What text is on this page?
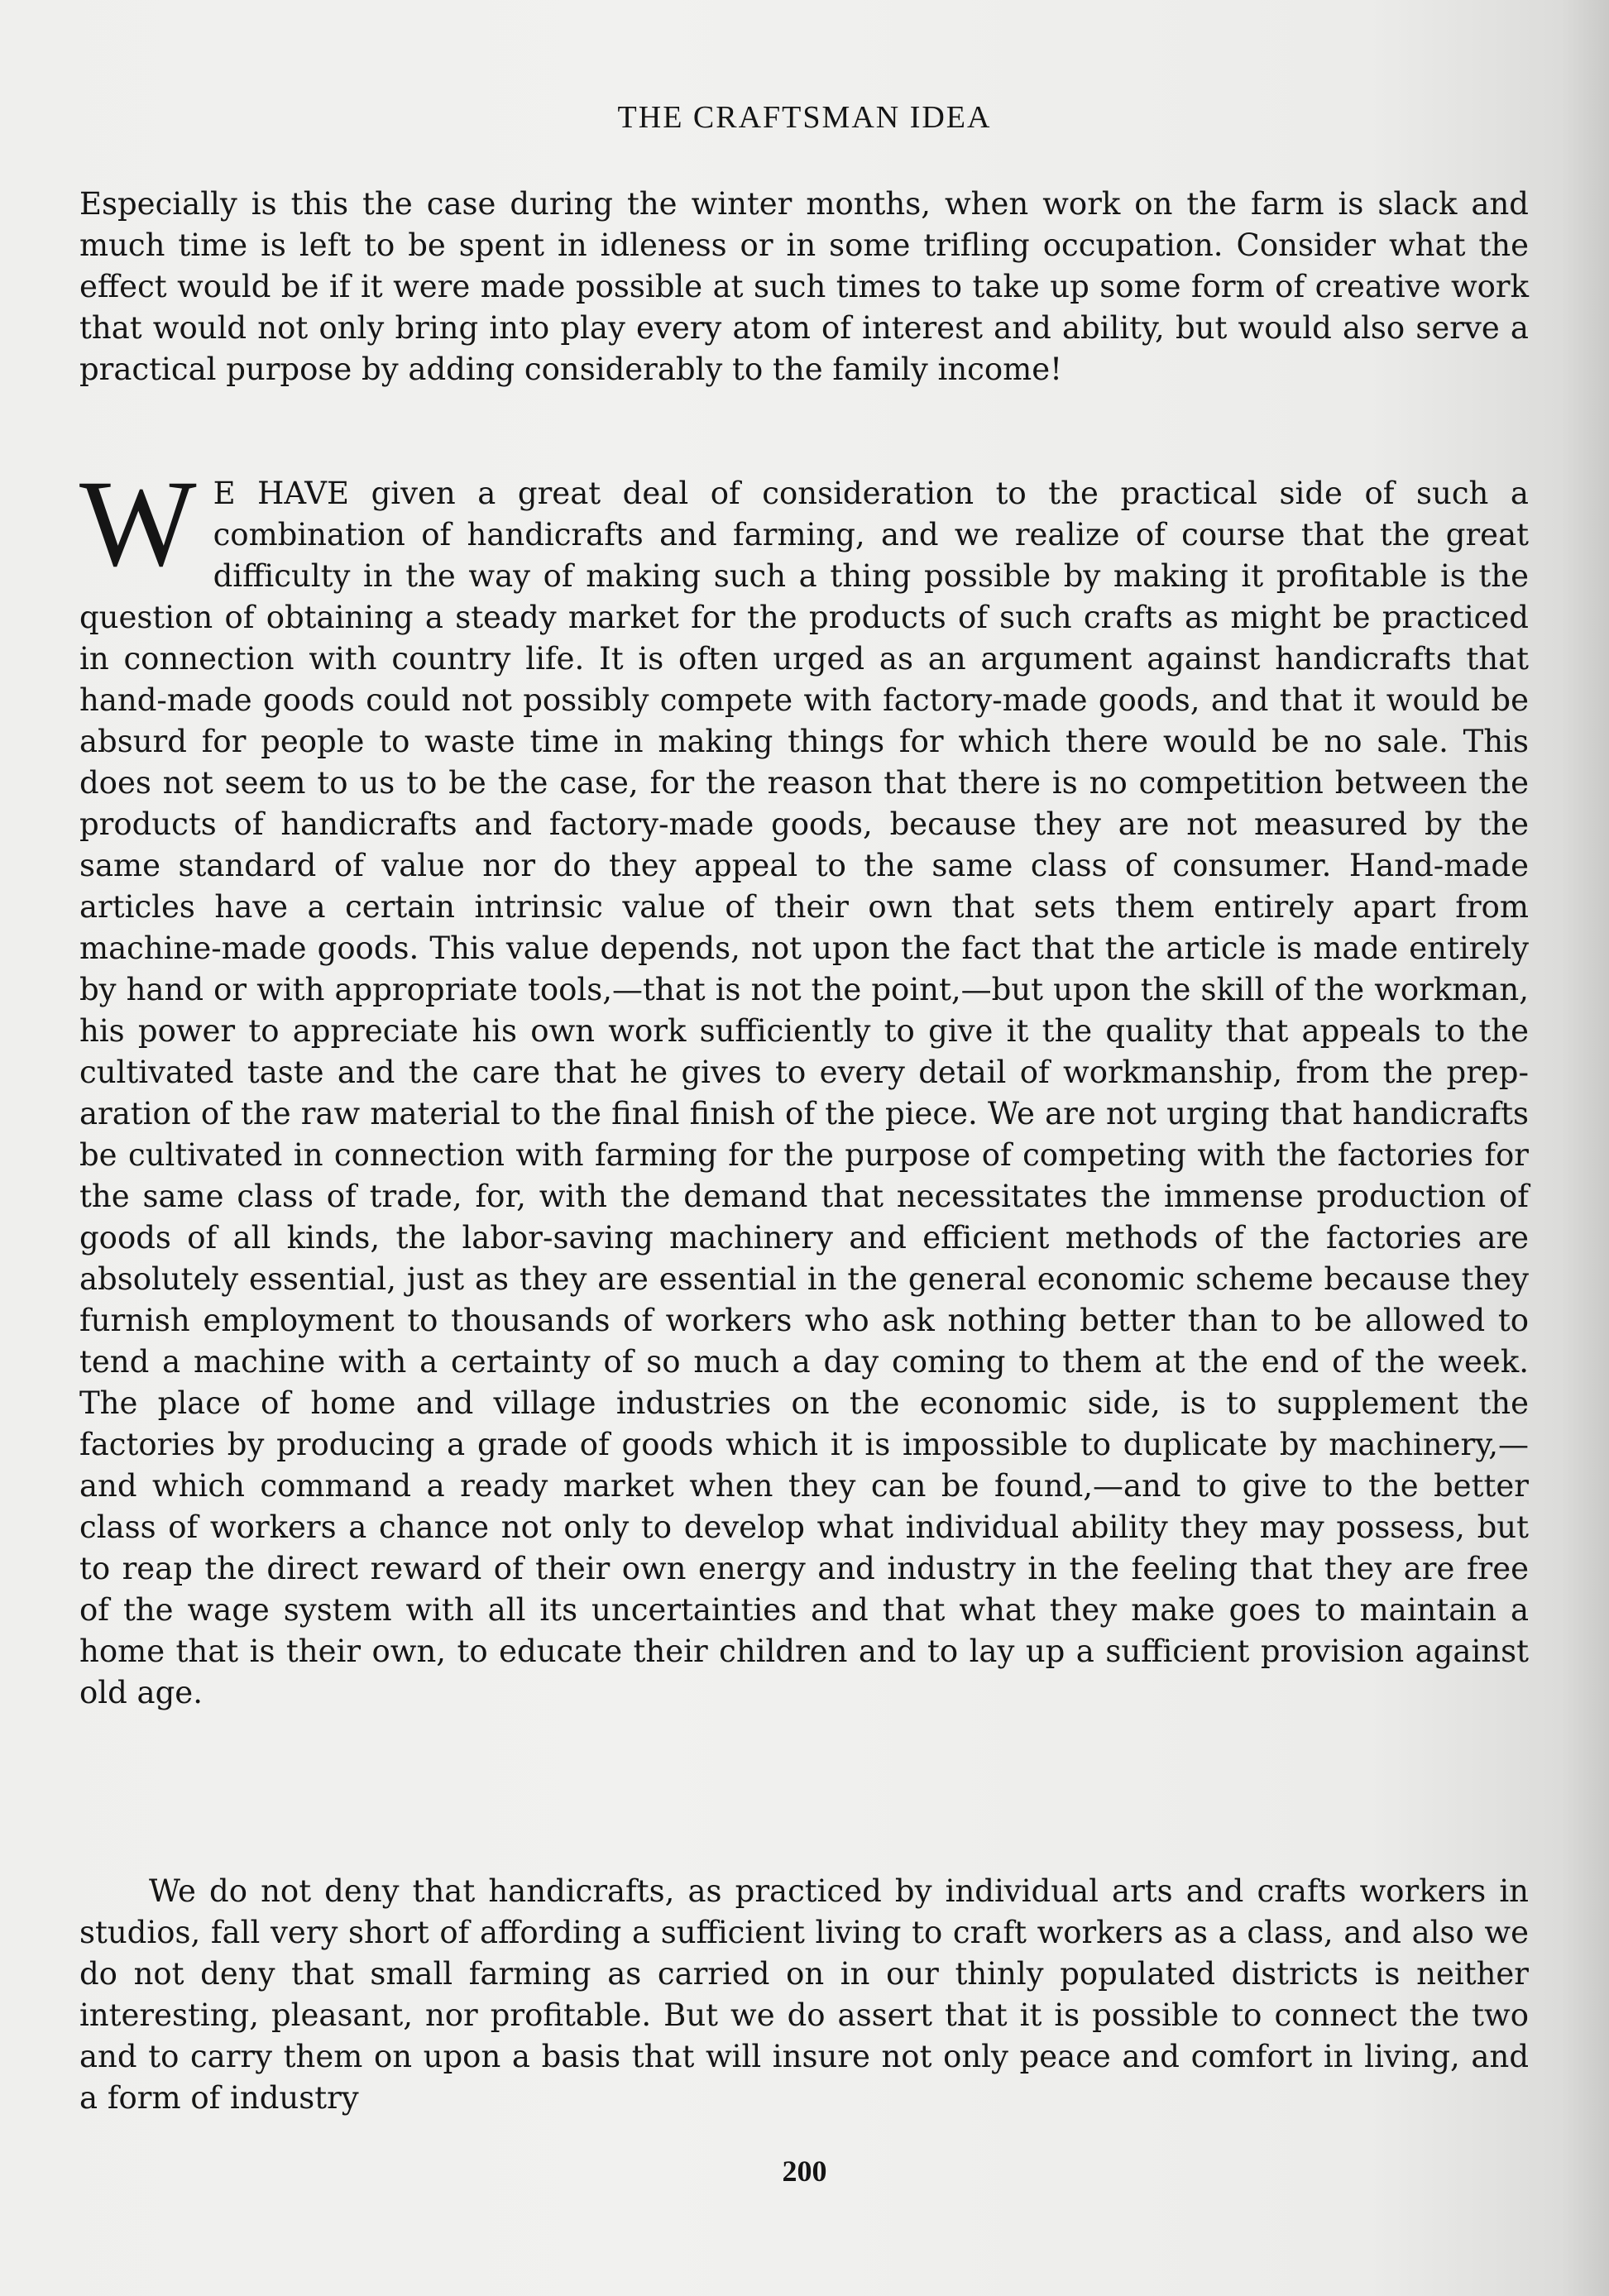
THE CRAFTSMAN IDEA

Especially is this the case during the winter months, when work on the farm is slack and much time is left to be spent in idleness or in some trifling occupation. Consider what the effect would be if it were made possible at such times to take up some form of creative work that would not only bring into play every atom of interest and ability, but would also serve a practical purpose by adding considerably to the family income!

W E HAVE given a great deal of consideration to the practical side of such a combination of handicrafts and farming, and we realize of course that the great difficulty in the way of making such a thing possible by making it profitable is the question of obtaining a steady market for the products of such crafts as might be practiced in connection with country life. It is often urged as an argument against handicrafts that hand-made goods could not possibly compete with factory-made goods, and that it would be absurd for people to waste time in making things for which there would be no sale. This does not seem to us to be the case, for the reason that there is no competition between the products of handicrafts and factory-made goods, because they are not measured by the same standard of value nor do they appeal to the same class of consumer. Hand-made articles have a certain intrinsic value of their own that sets them entirely apart from machine-made goods. This value depends, not upon the fact that the article is made entirely by hand or with appropriate tools,—that is not the point,—but upon the skill of the workman, his power to appreciate his own work sufficiently to give it the quality that appeals to the cultivated taste and the care that he gives to every detail of workmanship, from the preparation of the raw material to the final finish of the piece. We are not urging that handicrafts be cultivated in connection with farming for the purpose of competing with the factories for the same class of trade, for, with the demand that necessitates the immense production of goods of all kinds, the labor-saving machinery and efficient methods of the factories are absolutely essential, just as they are essential in the general economic scheme because they furnish employment to thousands of workers who ask nothing better than to be allowed to tend a machine with a certainty of so much a day coming to them at the end of the week. The place of home and village industries on the economic side, is to supplement the factories by producing a grade of goods which it is impossible to duplicate by machinery,—and which command a ready market when they can be found,—and to give to the better class of workers a chance not only to develop what individual ability they may possess, but to reap the direct reward of their own energy and industry in the feeling that they are free of the wage system with all its uncertainties and that what they make goes to maintain a home that is their own, to educate their children and to lay up a sufficient provision against old age.

We do not deny that handicrafts, as practiced by individual arts and crafts workers in studios, fall very short of affording a sufficient living to craft workers as a class, and also we do not deny that small farming as carried on in our thinly populated districts is neither interesting, pleasant, nor profitable. But we do assert that it is possible to connect the two and to carry them on upon a basis that will insure not only peace and comfort in living, and a form of industry

200
